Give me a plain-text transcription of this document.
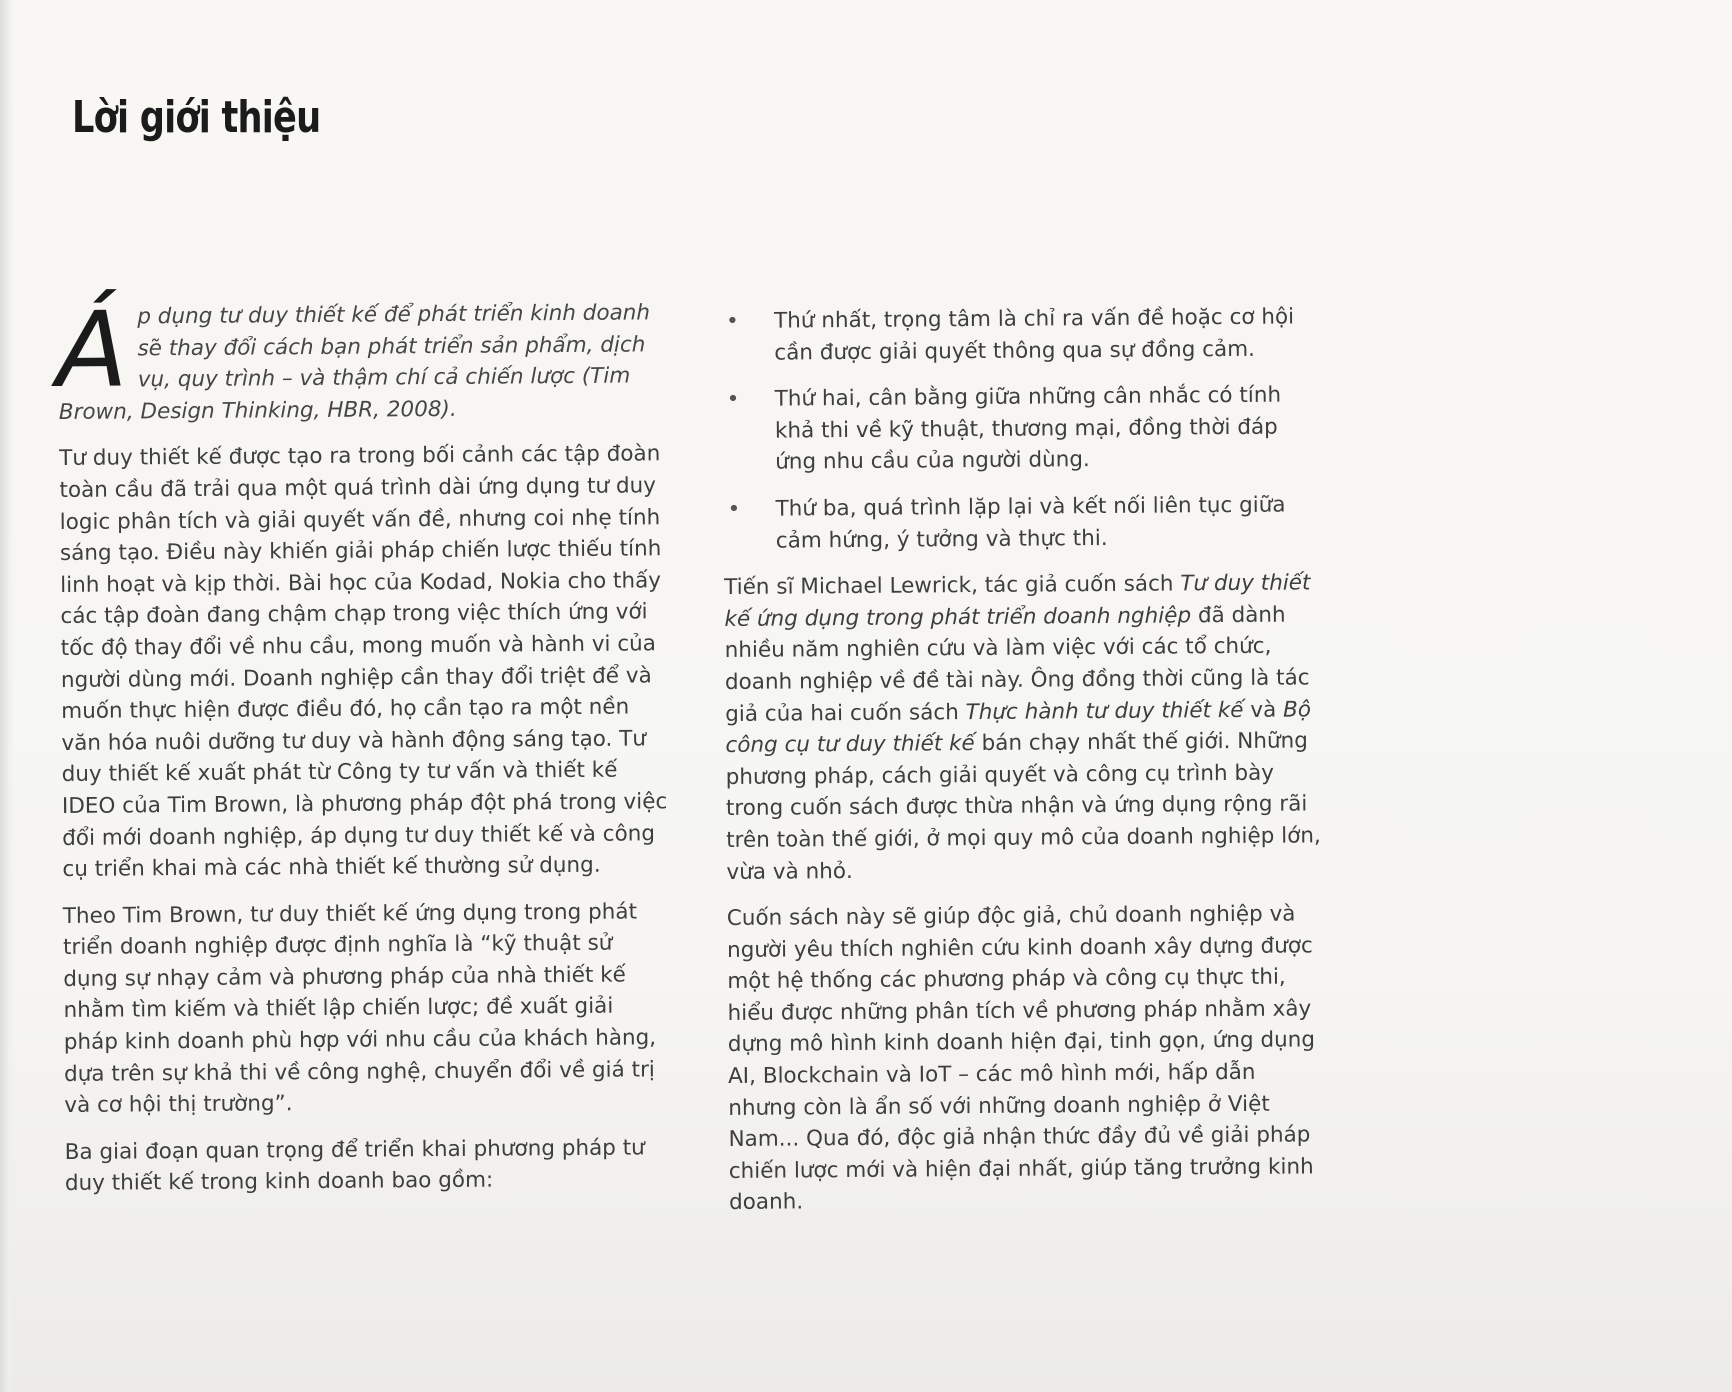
Lời giới thiệu

Áp dụng tư duy thiết kế để phát triển kinh doanh sẽ thay đổi cách bạn phát triển sản phẩm, dịch vụ, quy trình – và thậm chí cả chiến lược (Tim Brown, Design Thinking, HBR, 2008).

Tư duy thiết kế được tạo ra trong bối cảnh các tập đoàn toàn cầu đã trải qua một quá trình dài ứng dụng tư duy logic phân tích và giải quyết vấn đề, nhưng coi nhẹ tính sáng tạo. Điều này khiến giải pháp chiến lược thiếu tính linh hoạt và kịp thời. Bài học của Kodad, Nokia cho thấy các tập đoàn đang chậm chạp trong việc thích ứng với tốc độ thay đổi về nhu cầu, mong muốn và hành vi của người dùng mới. Doanh nghiệp cần thay đổi triệt để và muốn thực hiện được điều đó, họ cần tạo ra một nền văn hóa nuôi dưỡng tư duy và hành động sáng tạo. Tư duy thiết kế xuất phát từ Công ty tư vấn và thiết kế IDEO của Tim Brown, là phương pháp đột phá trong việc đổi mới doanh nghiệp, áp dụng tư duy thiết kế và công cụ triển khai mà các nhà thiết kế thường sử dụng.

Theo Tim Brown, tư duy thiết kế ứng dụng trong phát triển doanh nghiệp được định nghĩa là “kỹ thuật sử dụng sự nhạy cảm và phương pháp của nhà thiết kế nhằm tìm kiếm và thiết lập chiến lược; đề xuất giải pháp kinh doanh phù hợp với nhu cầu của khách hàng, dựa trên sự khả thi về công nghệ, chuyển đổi về giá trị và cơ hội thị trường”.

Ba giai đoạn quan trọng để triển khai phương pháp tư duy thiết kế trong kinh doanh bao gồm:

• Thứ nhất, trọng tâm là chỉ ra vấn đề hoặc cơ hội cần được giải quyết thông qua sự đồng cảm.
• Thứ hai, cân bằng giữa những cân nhắc có tính khả thi về kỹ thuật, thương mại, đồng thời đáp ứng nhu cầu của người dùng.
• Thứ ba, quá trình lặp lại và kết nối liên tục giữa cảm hứng, ý tưởng và thực thi.

Tiến sĩ Michael Lewrick, tác giả cuốn sách Tư duy thiết kế ứng dụng trong phát triển doanh nghiệp đã dành nhiều năm nghiên cứu và làm việc với các tổ chức, doanh nghiệp về đề tài này. Ông đồng thời cũng là tác giả của hai cuốn sách Thực hành tư duy thiết kế và Bộ công cụ tư duy thiết kế bán chạy nhất thế giới. Những phương pháp, cách giải quyết và công cụ trình bày trong cuốn sách được thừa nhận và ứng dụng rộng rãi trên toàn thế giới, ở mọi quy mô của doanh nghiệp lớn, vừa và nhỏ.

Cuốn sách này sẽ giúp độc giả, chủ doanh nghiệp và người yêu thích nghiên cứu kinh doanh xây dựng được một hệ thống các phương pháp và công cụ thực thi, hiểu được những phân tích về phương pháp nhằm xây dựng mô hình kinh doanh hiện đại, tinh gọn, ứng dụng AI, Blockchain và IoT – các mô hình mới, hấp dẫn nhưng còn là ẩn số với những doanh nghiệp ở Việt Nam... Qua đó, độc giả nhận thức đầy đủ về giải pháp chiến lược mới và hiện đại nhất, giúp tăng trưởng kinh doanh.
